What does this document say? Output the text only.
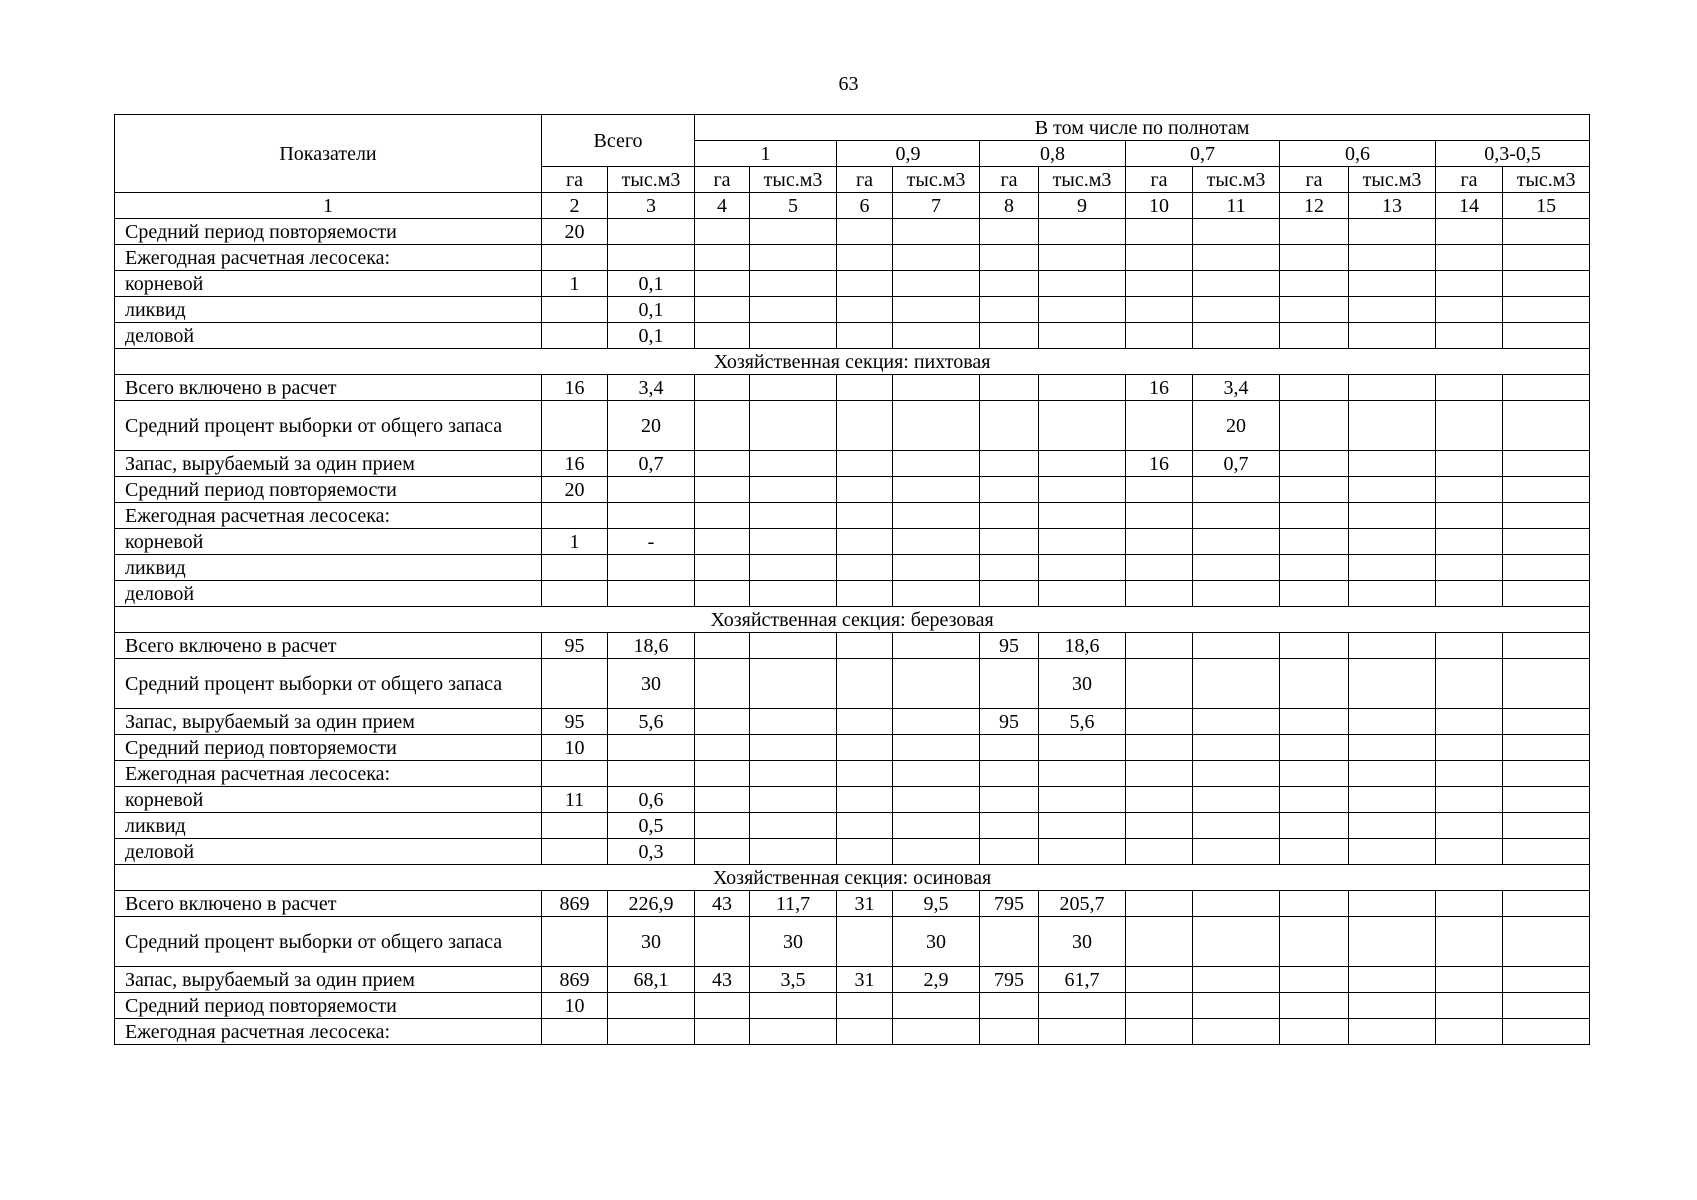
63
Показатели	Всего		В том числе по полнотам											
			1		0,9		0,8		0,7		0,6		0,3-0,5	
	га	тыс.м3	га	тыс.м3	га	тыс.м3	га	тыс.м3	га	тыс.м3	га	тыс.м3	га	тыс.м3
1	2	3	4	5	6	7	8	9	10	11	12	13	14	15
Средний период повторяемости	20													
Ежегодная расчетная лесосека:														
корневой	1	0,1												
ликвид		0,1												
деловой		0,1												
Хозяйственная секция: пихтовая														
Всего включено в расчет	16	3,4							16	3,4				
Средний процент выборки от общего запаса		20								20				
Запас, вырубаемый за один прием	16	0,7							16	0,7				
Средний период повторяемости	20													
Ежегодная расчетная лесосека:														
корневой	1	-												
ликвид														
деловой														
Хозяйственная секция: березовая														
Всего включено в расчет	95	18,6					95	18,6						
Средний процент выборки от общего запаса		30						30						
Запас, вырубаемый за один прием	95	5,6					95	5,6						
Средний период повторяемости	10													
Ежегодная расчетная лесосека:														
корневой	11	0,6												
ликвид		0,5												
деловой		0,3												
Хозяйственная секция: осиновая														
Всего включено в расчет	869	226,9	43	11,7	31	9,5	795	205,7						
Средний процент выборки от общего запаса		30		30		30		30						
Запас, вырубаемый за один прием	869	68,1	43	3,5	31	2,9	795	61,7						
Средний период повторяемости	10													
Ежегодная расчетная лесосека:														
